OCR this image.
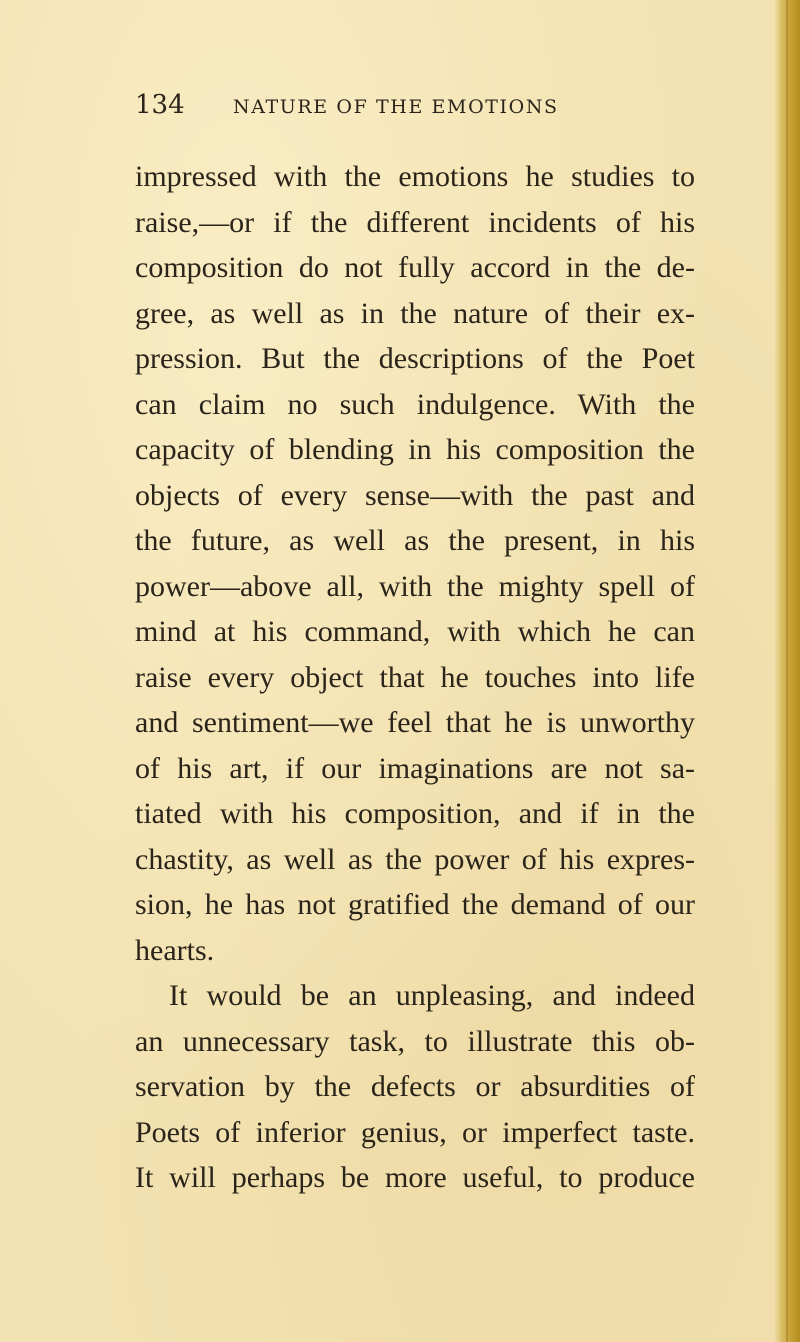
134	NATURE OF THE EMOTIONS
impressed with the emotions he studies to
raise,—or if the different incidents of his
composition do not fully accord in the de-
gree, as well as in the nature of their ex-
pression. But the descriptions of the Poet
can claim no such indulgence. With the
capacity of blending in his composition the
objects of every sense—with the past and
the future, as well as the present, in his
power—above all, with the mighty spell of
mind at his command, with which he can
raise every object that he touches into life
and sentiment—we feel that he is unworthy
of his art, if our imaginations are not sa-
tiated with his composition, and if in the
chastity, as well as the power of his expres-
sion, he has not gratified the demand of our
hearts.
It would be an unpleasing, and indeed
an unnecessary task, to illustrate this ob-
servation by the defects or absurdities of
Poets of inferior genius, or imperfect taste.
It will perhaps be more useful, to produce
